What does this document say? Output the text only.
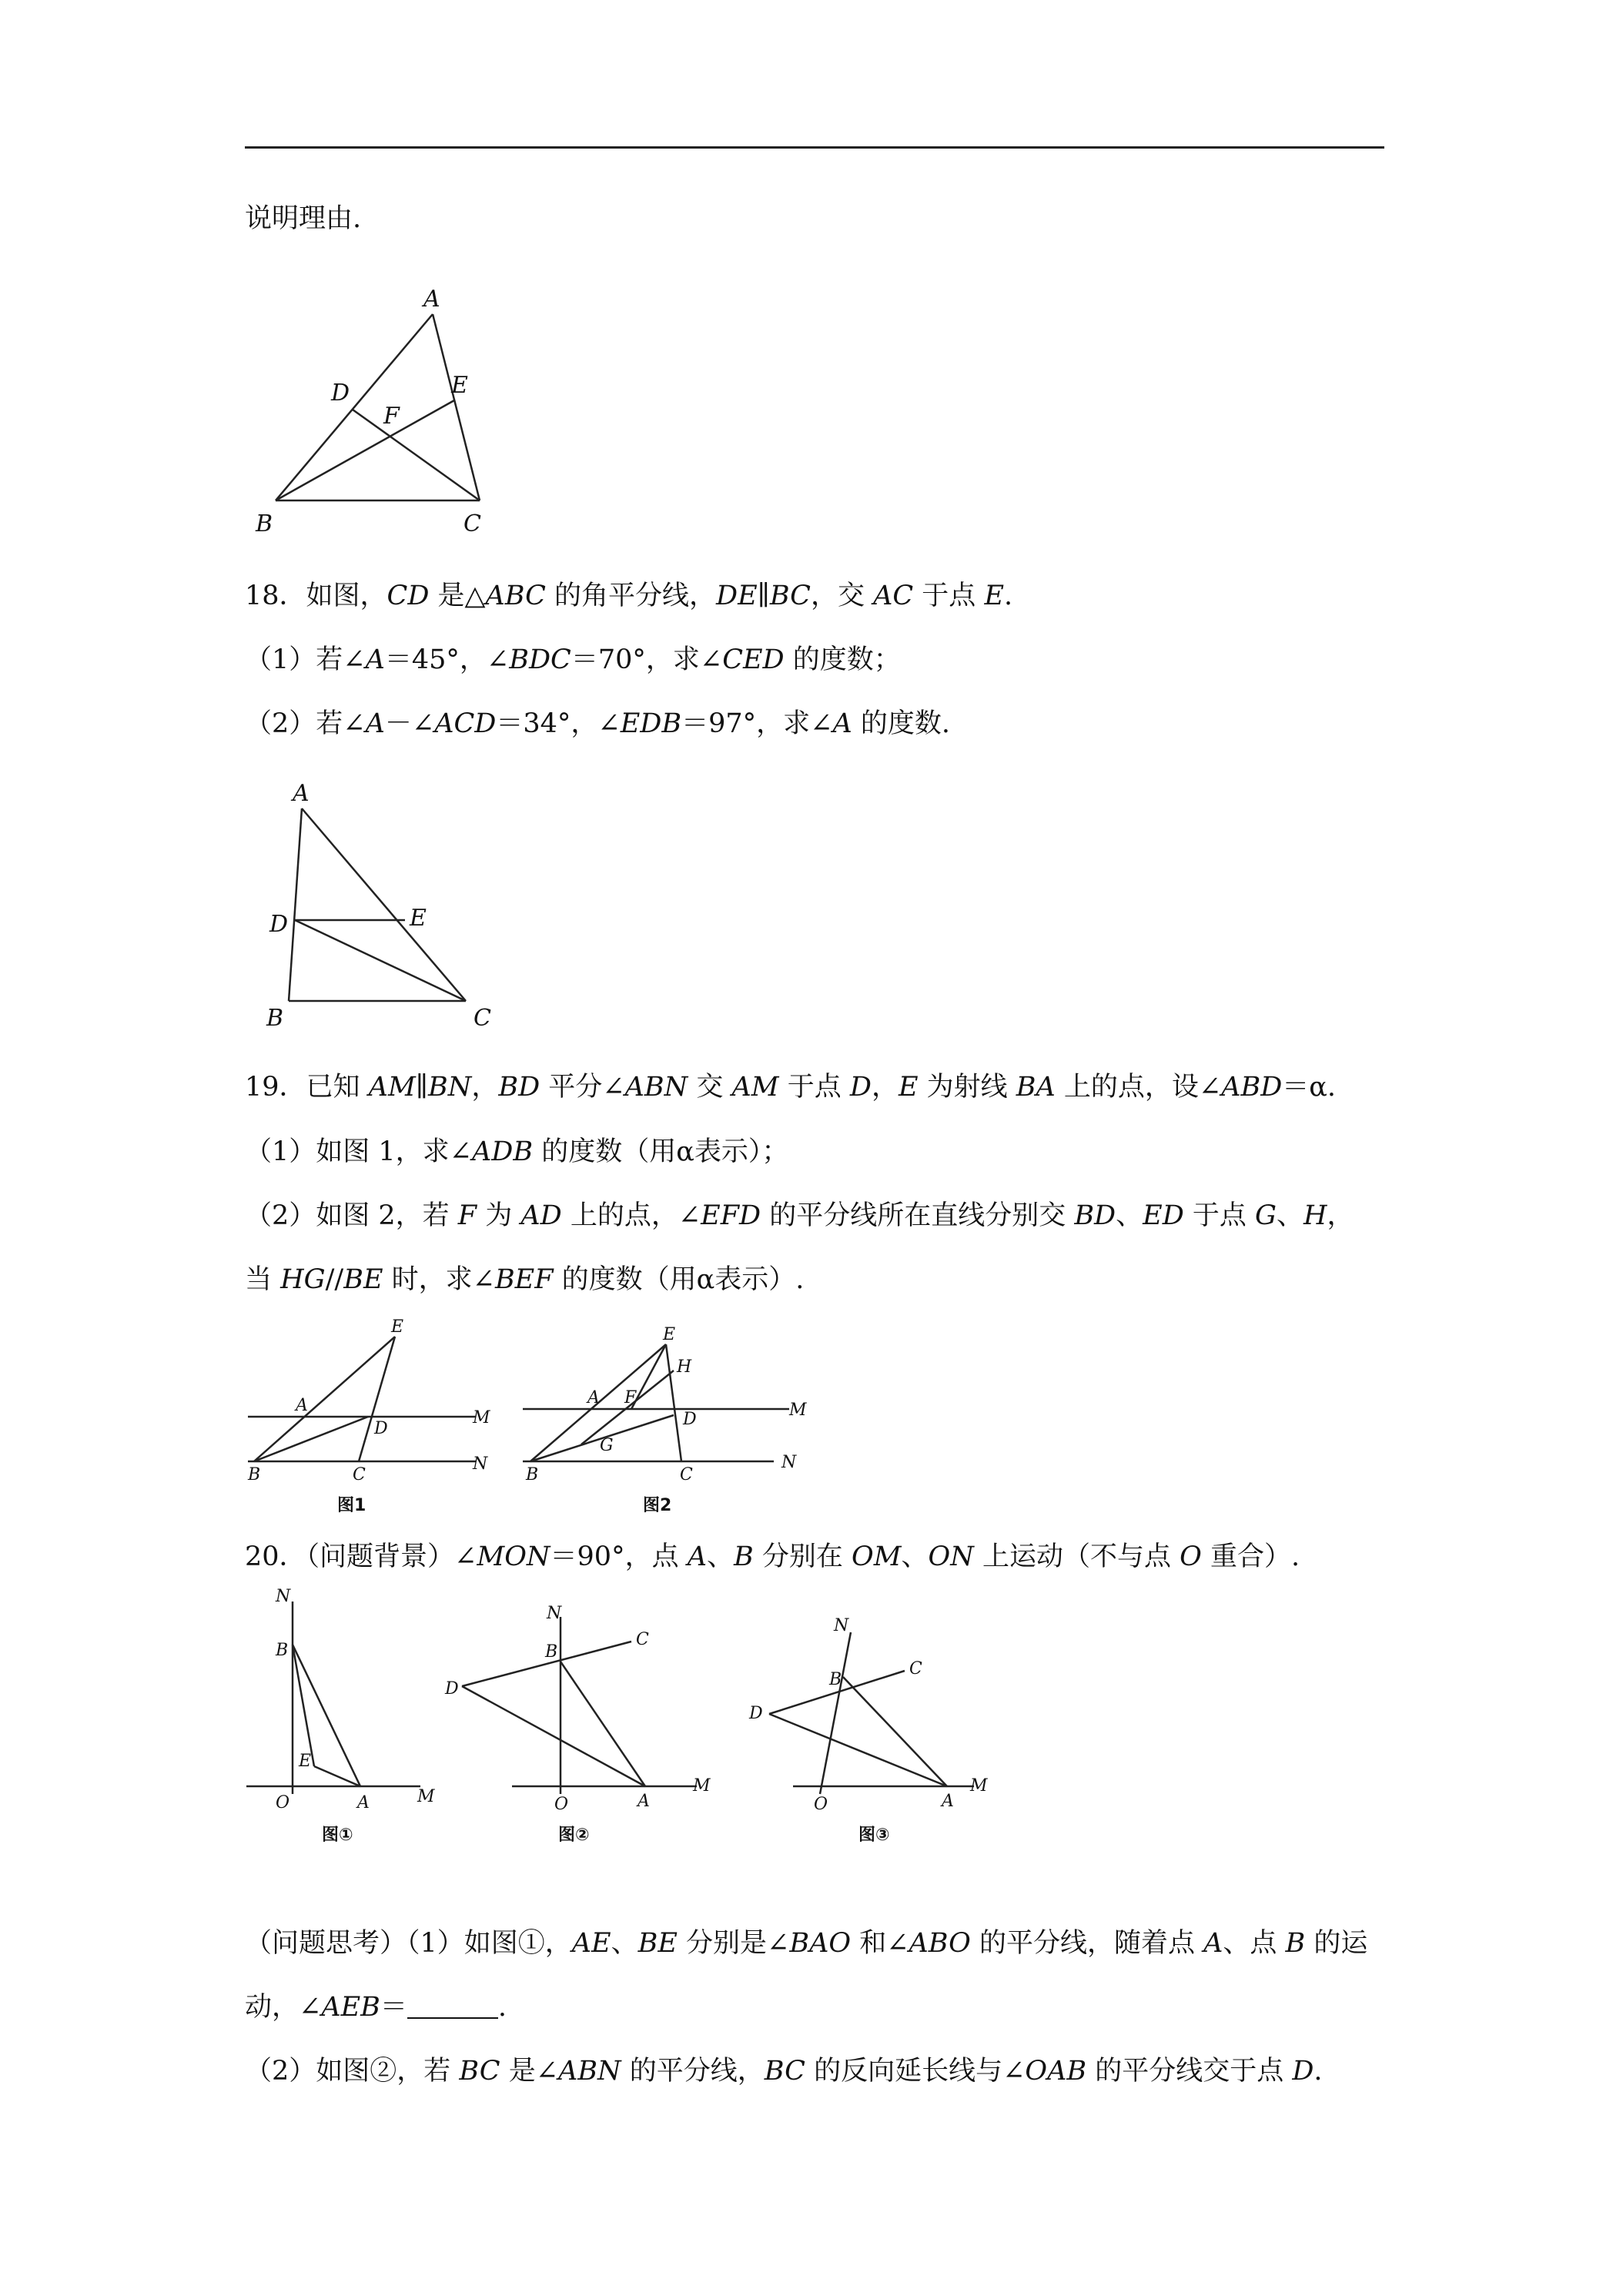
说明理由.
A
D	E
F
B	C
18．如图，CD 是△ABC 的角平分线，DE∥BC，交 AC 于点 E.
（1）若∠A＝45°，∠BDC＝70°，求∠CED 的度数；
（2）若∠A－∠ACD＝34°，∠EDB＝97°，求∠A 的度数.
A
D	E
B	C
19．已知 AM∥BN，BD 平分∠ABN 交 AM 于点 D，E 为射线 BA 上的点，设∠ABD＝α.
（1）如图 1，求∠ADB 的度数（用α表示）；
（2）如图 2，若 F 为 AD 上的点，∠EFD 的平分线所在直线分别交 BD、ED 于点 G、H，
当 HG//BE 时，求∠BEF 的度数（用α表示）.
E
A
D
M
B	C
N
图1
E
H
A F
D	M
G
B	C
N
图2
20．（问题背景）∠MON＝90°，点 A、B 分别在 OM、ON 上运动（不与点 O 重合）.
N
B
E
O	A	M
图①
N
B
C
D
O	A
M
图②
N
B
C
D
O	A
M
图③
（问题思考）（1）如图①，AE、BE 分别是∠BAO 和∠ABO 的平分线，随着点 A、点 B 的运
动，∠AEB＝	.
（2）如图②，若 BC 是∠ABN 的平分线，BC 的反向延长线与∠OAB 的平分线交于点 D.
